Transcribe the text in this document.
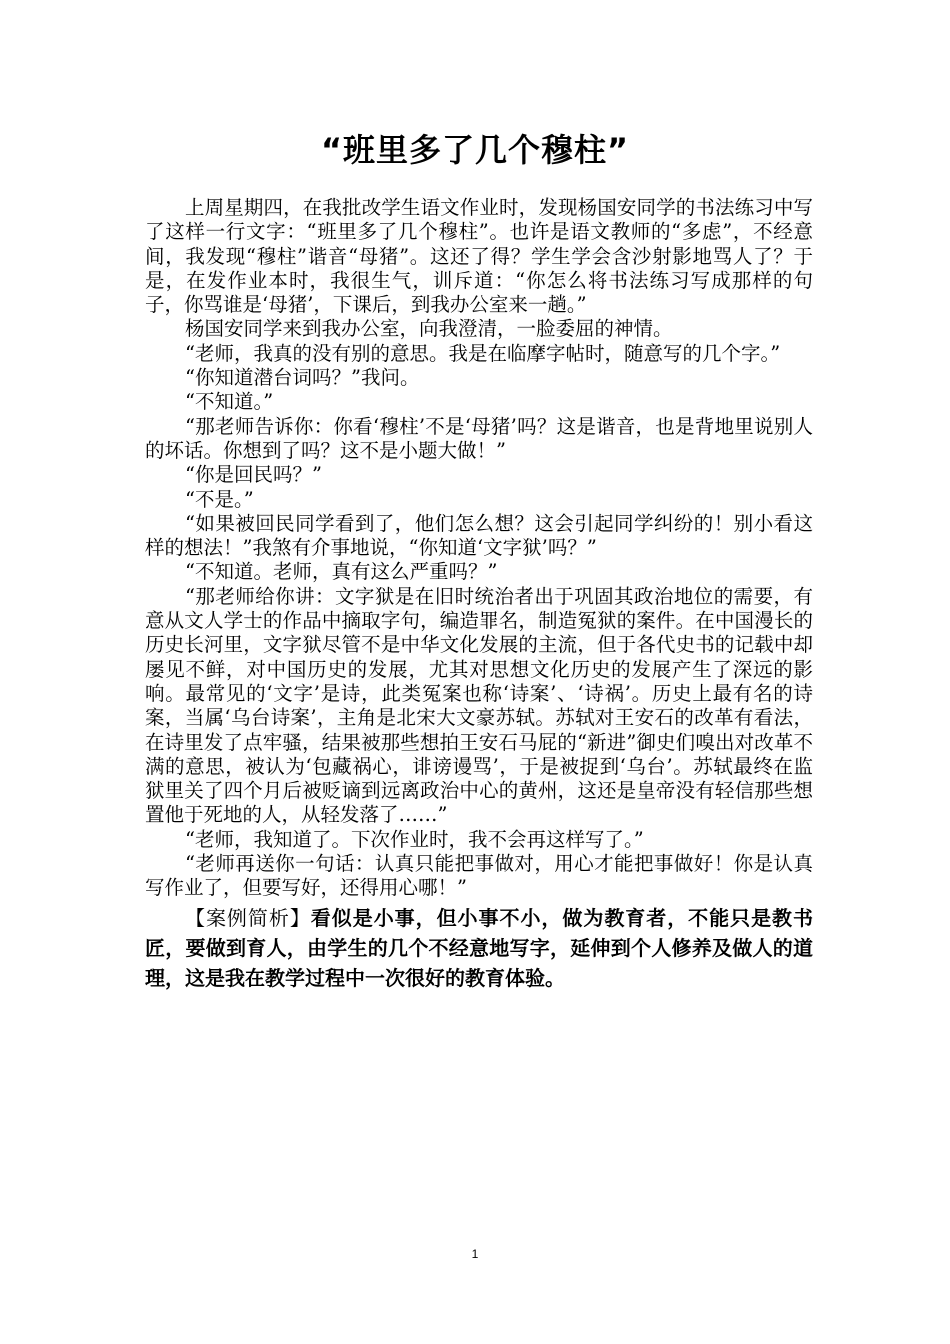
“班里多了几个穆柱”

上周星期四，在我批改学生语文作业时，发现杨国安同学的书法练习中写了这样一行文字：“班里多了几个穆柱”。也许是语文教师的“多虑”，不经意间，我发现“穆柱”谐音“母猪”。这还了得？学生学会含沙射影地骂人了？于是，在发作业本时，我很生气，训斥道：“你怎么将书法练习写成那样的句子，你骂谁是‘母猪’，下课后，到我办公室来一趟。”

杨国安同学来到我办公室，向我澄清，一脸委屈的神情。

“老师，我真的没有别的意思。我是在临摩字帖时，随意写的几个字。”

“你知道潜台词吗？”我问。

“不知道。”

“那老师告诉你：你看‘穆柱’不是‘母猪’吗？这是谐音，也是背地里说别人的坏话。你想到了吗？这不是小题大做！”

“你是回民吗？”

“不是。”

“如果被回民同学看到了，他们怎么想？这会引起同学纠纷的！别小看这样的想法！”我煞有介事地说，“你知道‘文字狱’吗？”

“不知道。老师，真有这么严重吗？”

“那老师给你讲：文字狱是在旧时统治者出于巩固其政治地位的需要，有意从文人学士的作品中摘取字句，编造罪名，制造冤狱的案件。在中国漫长的历史长河里，文字狱尽管不是中华文化发展的主流，但于各代史书的记载中却屡见不鲜，对中国历史的发展，尤其对思想文化历史的发展产生了深远的影响。最常见的‘文字’是诗，此类冤案也称‘诗案’、‘诗祸’。历史上最有名的诗案，当属‘乌台诗案’，主角是北宋大文豪苏轼。苏轼对王安石的改革有看法，在诗里发了点牢骚，结果被那些想拍王安石马屁的“新进”御史们嗅出对改革不满的意思，被认为‘包藏祸心，诽谤谩骂’，于是被捉到‘乌台’。苏轼最终在监狱里关了四个月后被贬谪到远离政治中心的黄州，这还是皇帝没有轻信那些想置他于死地的人，从轻发落了……”

“老师，我知道了。下次作业时，我不会再这样写了。”

“老师再送你一句话：认真只能把事做对，用心才能把事做好！你是认真写作业了，但要写好，还得用心哪！”

【案例简析】看似是小事，但小事不小，做为教育者，不能只是教书匠，要做到育人，由学生的几个不经意地写字，延伸到个人修养及做人的道理，这是我在教学过程中一次很好的教育体验。

1
